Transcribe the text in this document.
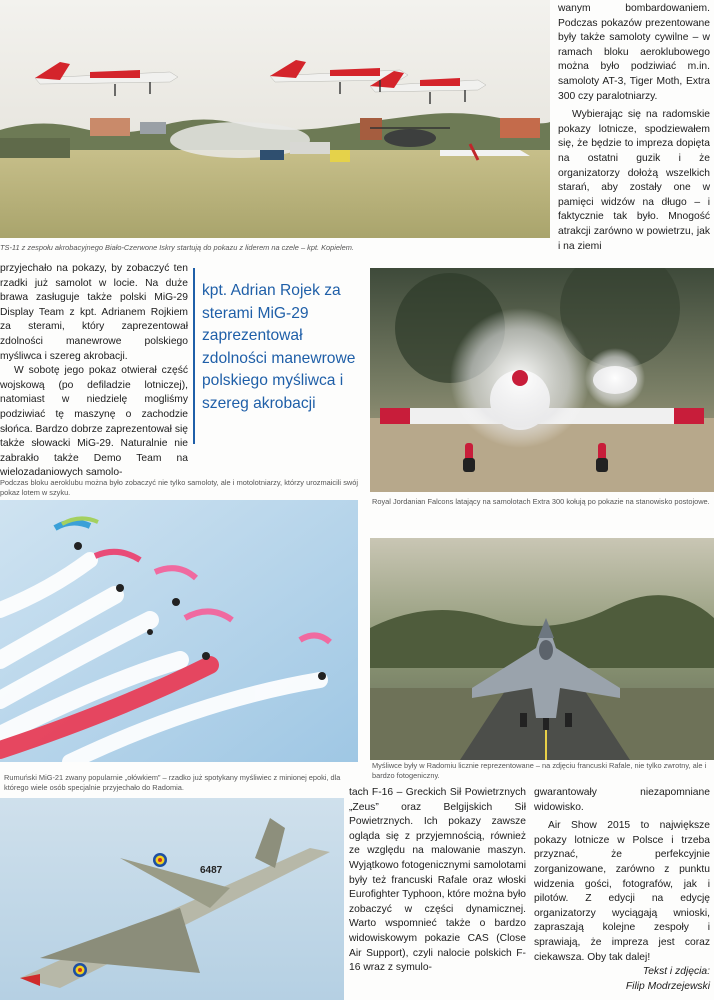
wanym bombardowaniem. Podczas pokazów prezentowane były także samoloty cywilne – w ramach bloku aeroklubowego można było podziwiać m.in. samoloty AT-3, Tiger Moth, Extra 300 czy paralotniarzy.

Wybierając się na radomskie pokazy lotnicze, spodziewałem się, że będzie to impreza dopięta na ostatni guzik i że organizatorzy dołożą wszelkich starań, aby zostały one w pamięci widzów na długo – i faktycznie tak było. Mnogość atrakcji zarówno w powietrzu, jak i na ziemi

TS-11 z zespołu akrobacyjnego Biało-Czerwone Iskry startują do pokazu z liderem na czele – kpt. Kopielem.

przyjechało na pokazy, by zobaczyć ten rzadki już samolot w locie. Na duże brawa zasługuje także polski MiG-29 Display Team z kpt. Adrianem Rojkiem za sterami, który zaprezentował zdolności manewrowe polskiego myśliwca i szereg akrobacji.

W sobotę jego pokaz otwierał część wojskową (po defiladzie lotniczej), natomiast w niedzielę mogliśmy podziwiać tę maszynę o zachodzie słońca. Bardzo dobrze zaprezentował się także słowacki MiG-29. Naturalnie nie zabrakło także Demo Team na wielozadaniowych samolo-

kpt. Adrian Rojek za sterami MiG-29 zaprezentował zdolności manewrowe polskiego myśliwca i szereg akrobacji
Podczas bloku aeroklubu można było zobaczyć nie tylko samoloty, ale i motolotniarzy, którzy urozmaicili swój pokaz lotem w szyku.
Royal Jordanian Falcons latający na samolotach Extra 300 kołują po pokazie na stanowisko postojowe.
Myśliwce były w Radomiu licznie reprezentowane – na zdjęciu francuski Rafale, nie tylko zwrotny, ale i bardzo fotogeniczny.
Rumuński MiG-21 zwany popularnie „ołówkiem” – rzadko już spotykany myśliwiec z minionej epoki, dla którego wiele osób specjalnie przyjechało do Radomia.
6487

tach F-16 – Greckich Sił Powietrznych „Zeus” oraz Belgijskich Sił Powietrznych. Ich pokazy zawsze ogląda się z przyjemnością, również ze względu na malowanie maszyn. Wyjątkowo fotogenicznymi samolotami były też francuski Rafale oraz włoski Eurofighter Typhoon, które można było zobaczyć w części dynamicznej. Warto wspomnieć także o bardzo widowiskowym pokazie CAS (Close Air Support), czyli nalocie polskich F-16 wraz z symulo-

gwarantowały niezapomniane widowisko.

Air Show 2015 to największe pokazy lotnicze w Polsce i trzeba przyznać, że perfekcyjnie zorganizowane, zarówno z punktu widzenia gości, fotografów, jak i pilotów. Z edycji na edycję organizatorzy wyciągają wnioski, zapraszają kolejne zespoły i sprawiają, że impreza jest coraz ciekawsza. Oby tak dalej!

Tekst i zdjęcia:

Filip Modrzejewski
